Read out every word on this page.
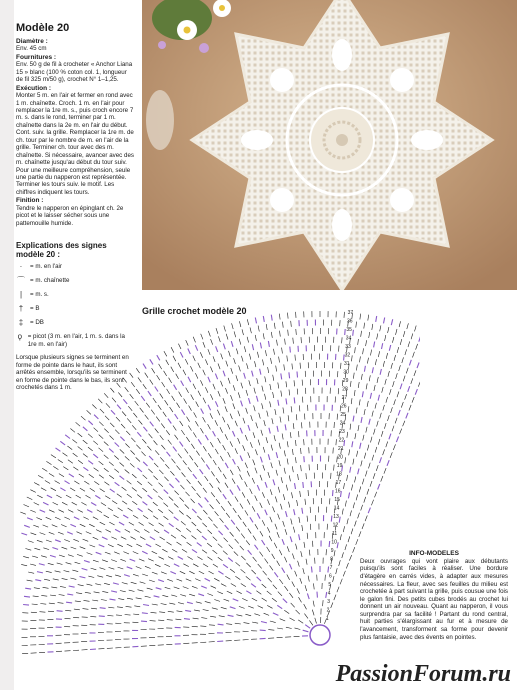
Modèle 20

Diamètre :

Env. 45 cm

Fournitures :

Env. 50 g de fil à crocheter « Anchor Liana 15 » blanc (100 % coton col. 1, longueur de fil 325 m/50 g), crochet N° 1–1,25.

Exécution :

Monter 5 m. en l'air et fermer en rond avec 1 m. chaînette. Croch. 1 m. en l'air pour remplacer la 1re m. s., puis croch encore 7 m. s. dans le rond, terminer par 1 m. chaînette dans la 2e m. en l'air du début. Cont. suiv. la grille. Remplacer la 1re m. de ch. tour par le nombre de m. en l'air de la grille. Terminer ch. tour avec des m. chaînette. Si nécessaire, avancer avec des m. chaînette jusqu'au début du tour suiv. Pour une meilleure compréhension, seule une partie du napperon est représentée. Terminer les tours suiv. le motif. Les chiffres indiquent les tours.

Finition :

Tendre le napperon en épinglant ch. 2e picot et le laisser sécher sous une pattemouille humide.

Explications des signes modèle 20 :

·	= m. en l'air
⌒ = m. chaînette
|	= m. s.
†	= B
‡	= DB
ϙ = picot (3 m. en l'air, 1 m. s. dans la 1re m. en l'air)

Lorsque plusieurs signes se terminent en forme de pointe dans le haut, ils sont arrêtés ensemble, lorsqu'ils se terminent en forme de pointe dans le bas, ils sont crochetés dans 1 m.

Grille crochet modèle 20
1
2
3
4
5
6
7
8
9
10
11
12
13
14
15
16
17
18
19
20
21
22
23
24
25
26
27
28
29
30
31
32
33
34
35
36
37
INFO-MODELES
Deux ouvrages qui vont plaire aux débutants puisqu'ils sont faciles à réaliser. Une bordure d'étagère en carrés vides, à adapter aux mesures nécessaires. La fleur, avec ses feuilles du milieu est crochetée à part suivant la grille, puis cousue une fois le galon fini. Des petits cubes brodés au crochet lui donnent un air nouveau. Quant au napperon, il vous surprendra par sa facilité ! Partant du rond central, huit parties s'élargissant au fur et à mesure de l'avancement, transforment sa forme pour devenir plus fantaisie, avec des évents en pointes.
PassionForum.ru
